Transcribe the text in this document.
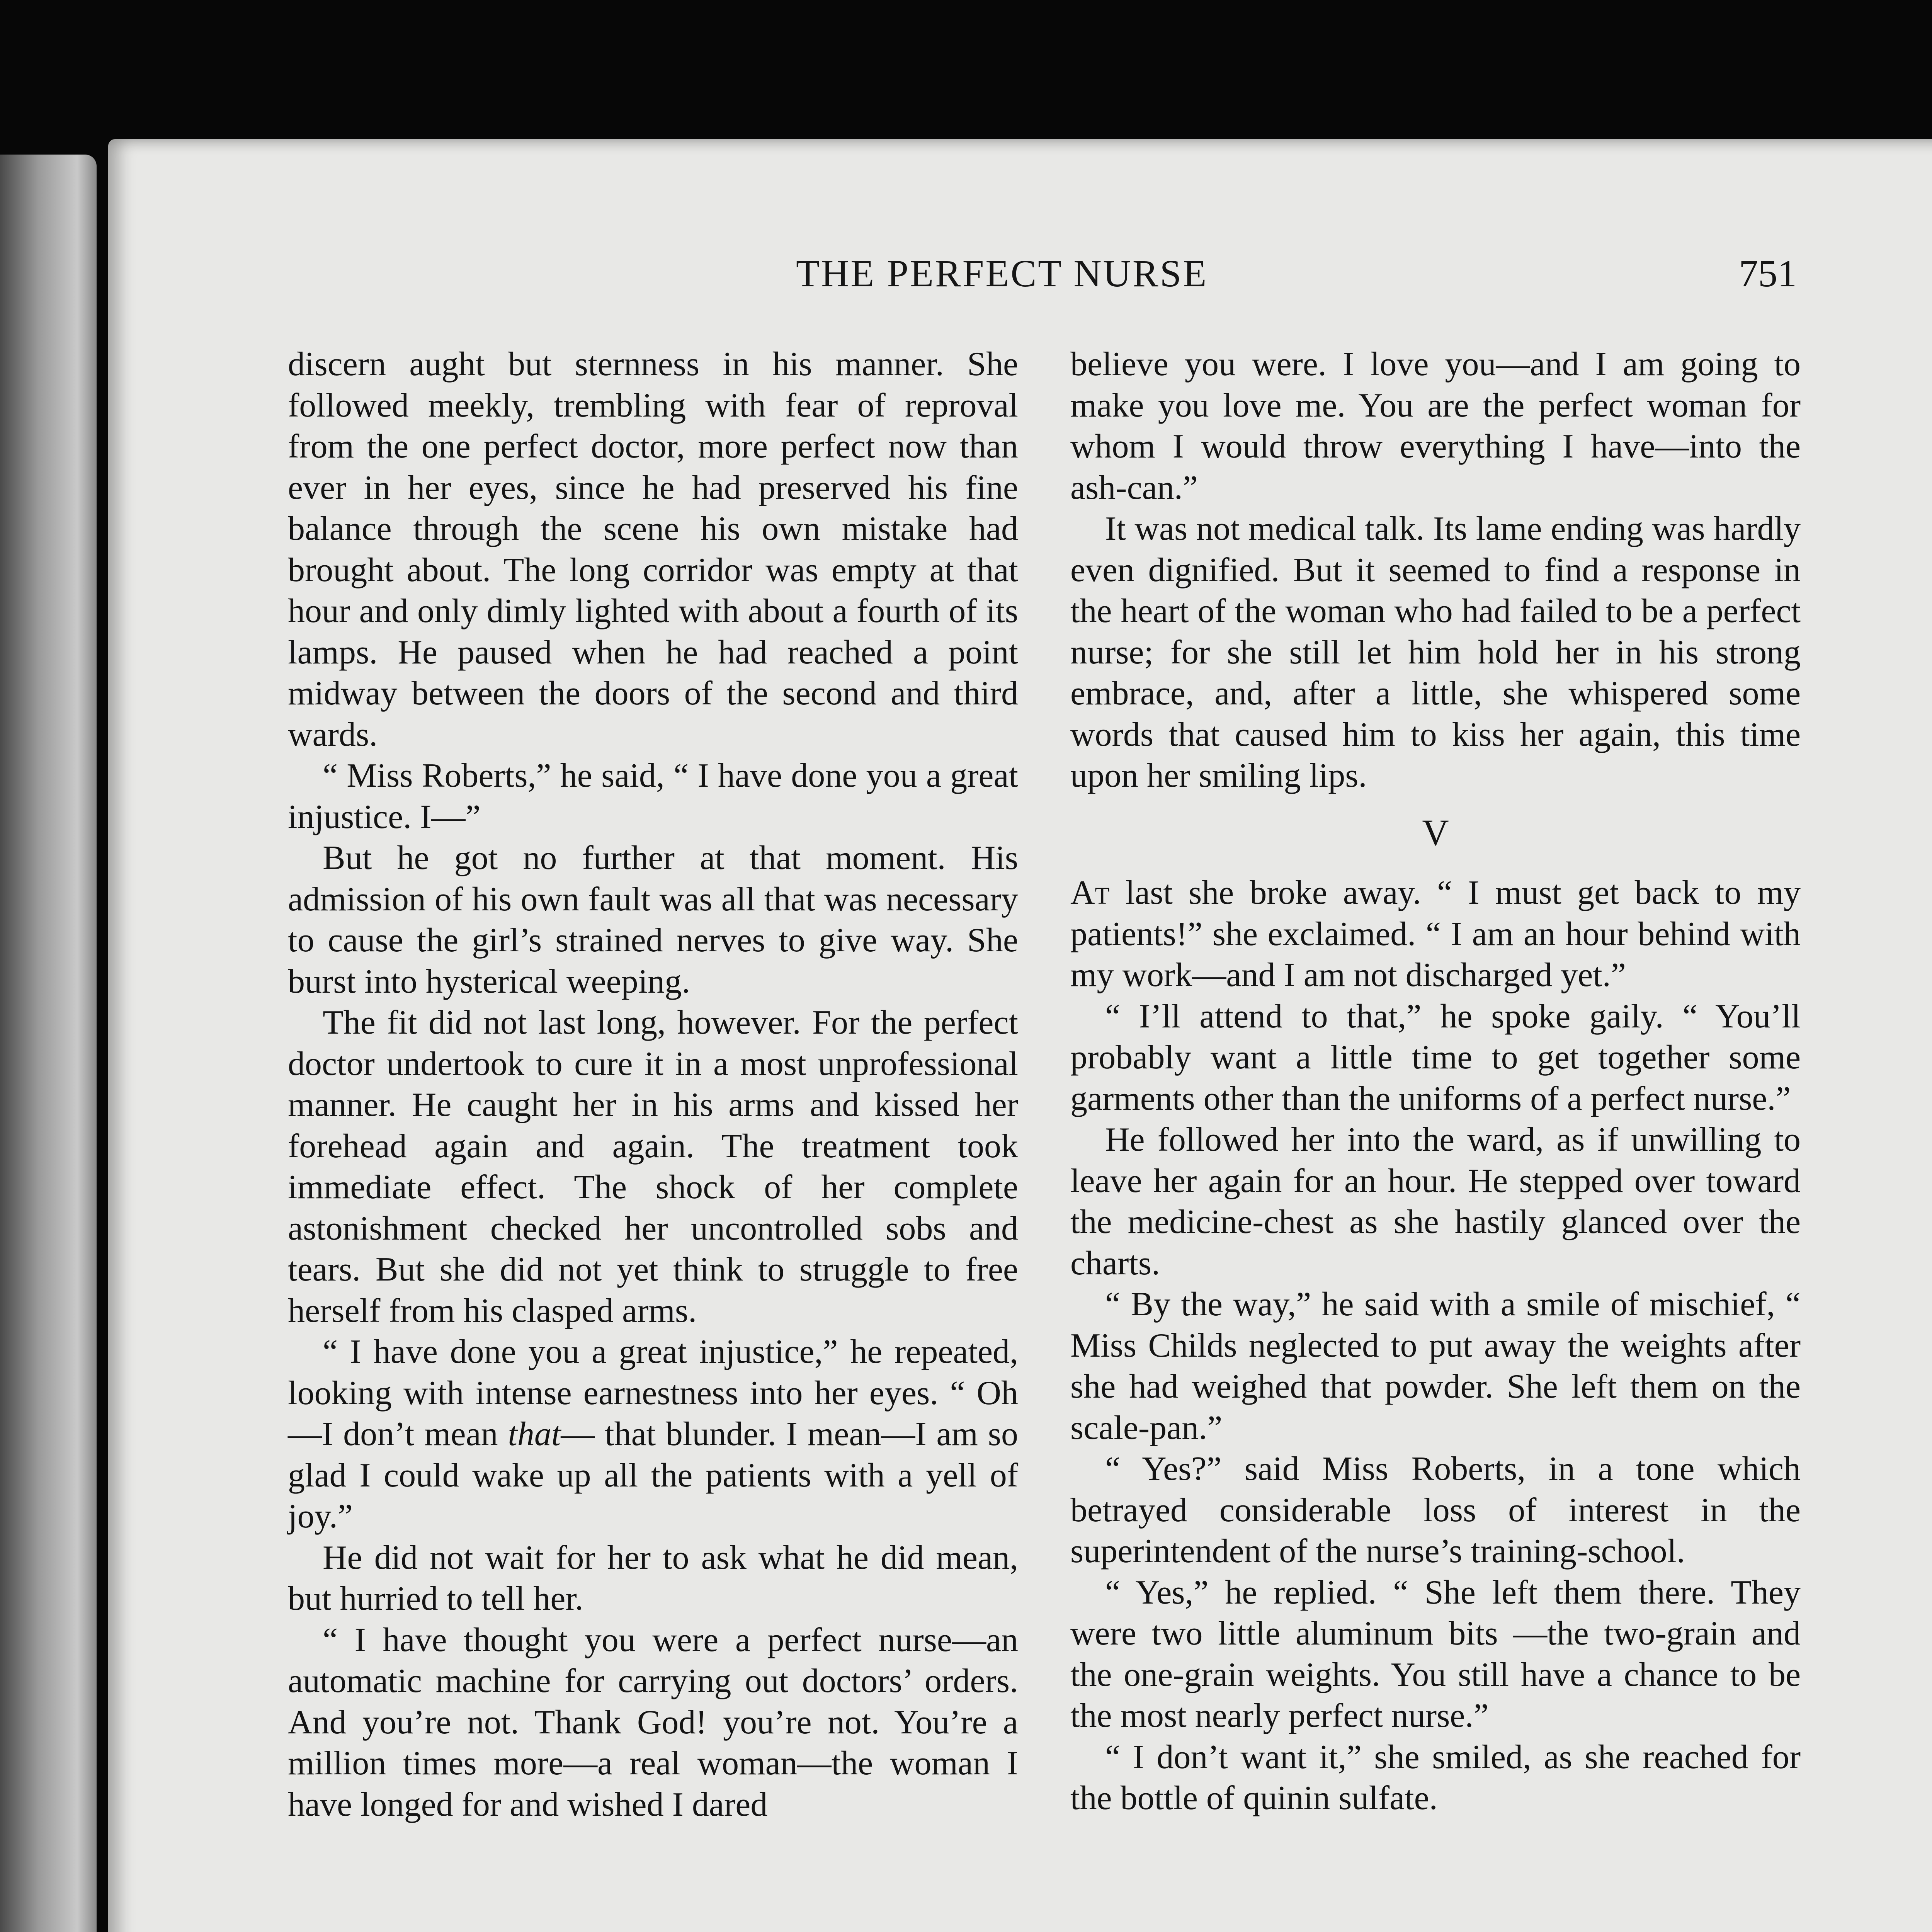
THE PERFECT NURSE	751

discern aught but sternness in his manner. She followed meekly, trembling with fear of reproval from the one perfect doctor, more perfect now than ever in her eyes, since he had preserved his fine balance through the scene his own mistake had brought about. The long corridor was empty at that hour and only dimly lighted with about a fourth of its lamps. He paused when he had reached a point midway between the doors of the second and third wards.

“ Miss Roberts,” he said, “ I have done you a great injustice. I—”

But he got no further at that moment. His admission of his own fault was all that was necessary to cause the girl’s strained nerves to give way. She burst into hysterical weeping.

The fit did not last long, however. For the perfect doctor undertook to cure it in a most unprofessional manner. He caught her in his arms and kissed her forehead again and again. The treatment took immediate effect. The shock of her complete astonishment checked her uncontrolled sobs and tears. But she did not yet think to struggle to free herself from his clasped arms.

“ I have done you a great injustice,” he repeated, looking with intense earnestness into her eyes. “ Oh—I don’t mean that— that blunder. I mean—I am so glad I could wake up all the patients with a yell of joy.”

He did not wait for her to ask what he did mean, but hurried to tell her.

“ I have thought you were a perfect nurse—an automatic machine for carrying out doctors’ orders. And you’re not. Thank God! you’re not. You’re a million times more—a real woman—the woman I have longed for and wished I dared

believe you were. I love you—and I am going to make you love me. You are the perfect woman for whom I would throw everything I have—into the ash-can.”

It was not medical talk. Its lame ending was hardly even dignified. But it seemed to find a response in the heart of the woman who had failed to be a perfect nurse; for she still let him hold her in his strong embrace, and, after a little, she whispered some words that caused him to kiss her again, this time upon her smiling lips.

V

At last she broke away. “ I must get back to my patients!” she exclaimed. “ I am an hour behind with my work—and I am not discharged yet.”

“ I’ll attend to that,” he spoke gaily. “ You’ll probably want a little time to get together some garments other than the uniforms of a perfect nurse.”

He followed her into the ward, as if unwilling to leave her again for an hour. He stepped over toward the medicine-chest as she hastily glanced over the charts.

“ By the way,” he said with a smile of mischief, “ Miss Childs neglected to put away the weights after she had weighed that powder. She left them on the scale-pan.”

“ Yes?” said Miss Roberts, in a tone which betrayed considerable loss of interest in the superintendent of the nurse’s training-school.

“ Yes,” he replied. “ She left them there. They were two little aluminum bits —the two-grain and the one-grain weights. You still have a chance to be the most nearly perfect nurse.”

“ I don’t want it,” she smiled, as she reached for the bottle of quinin sulfate.
